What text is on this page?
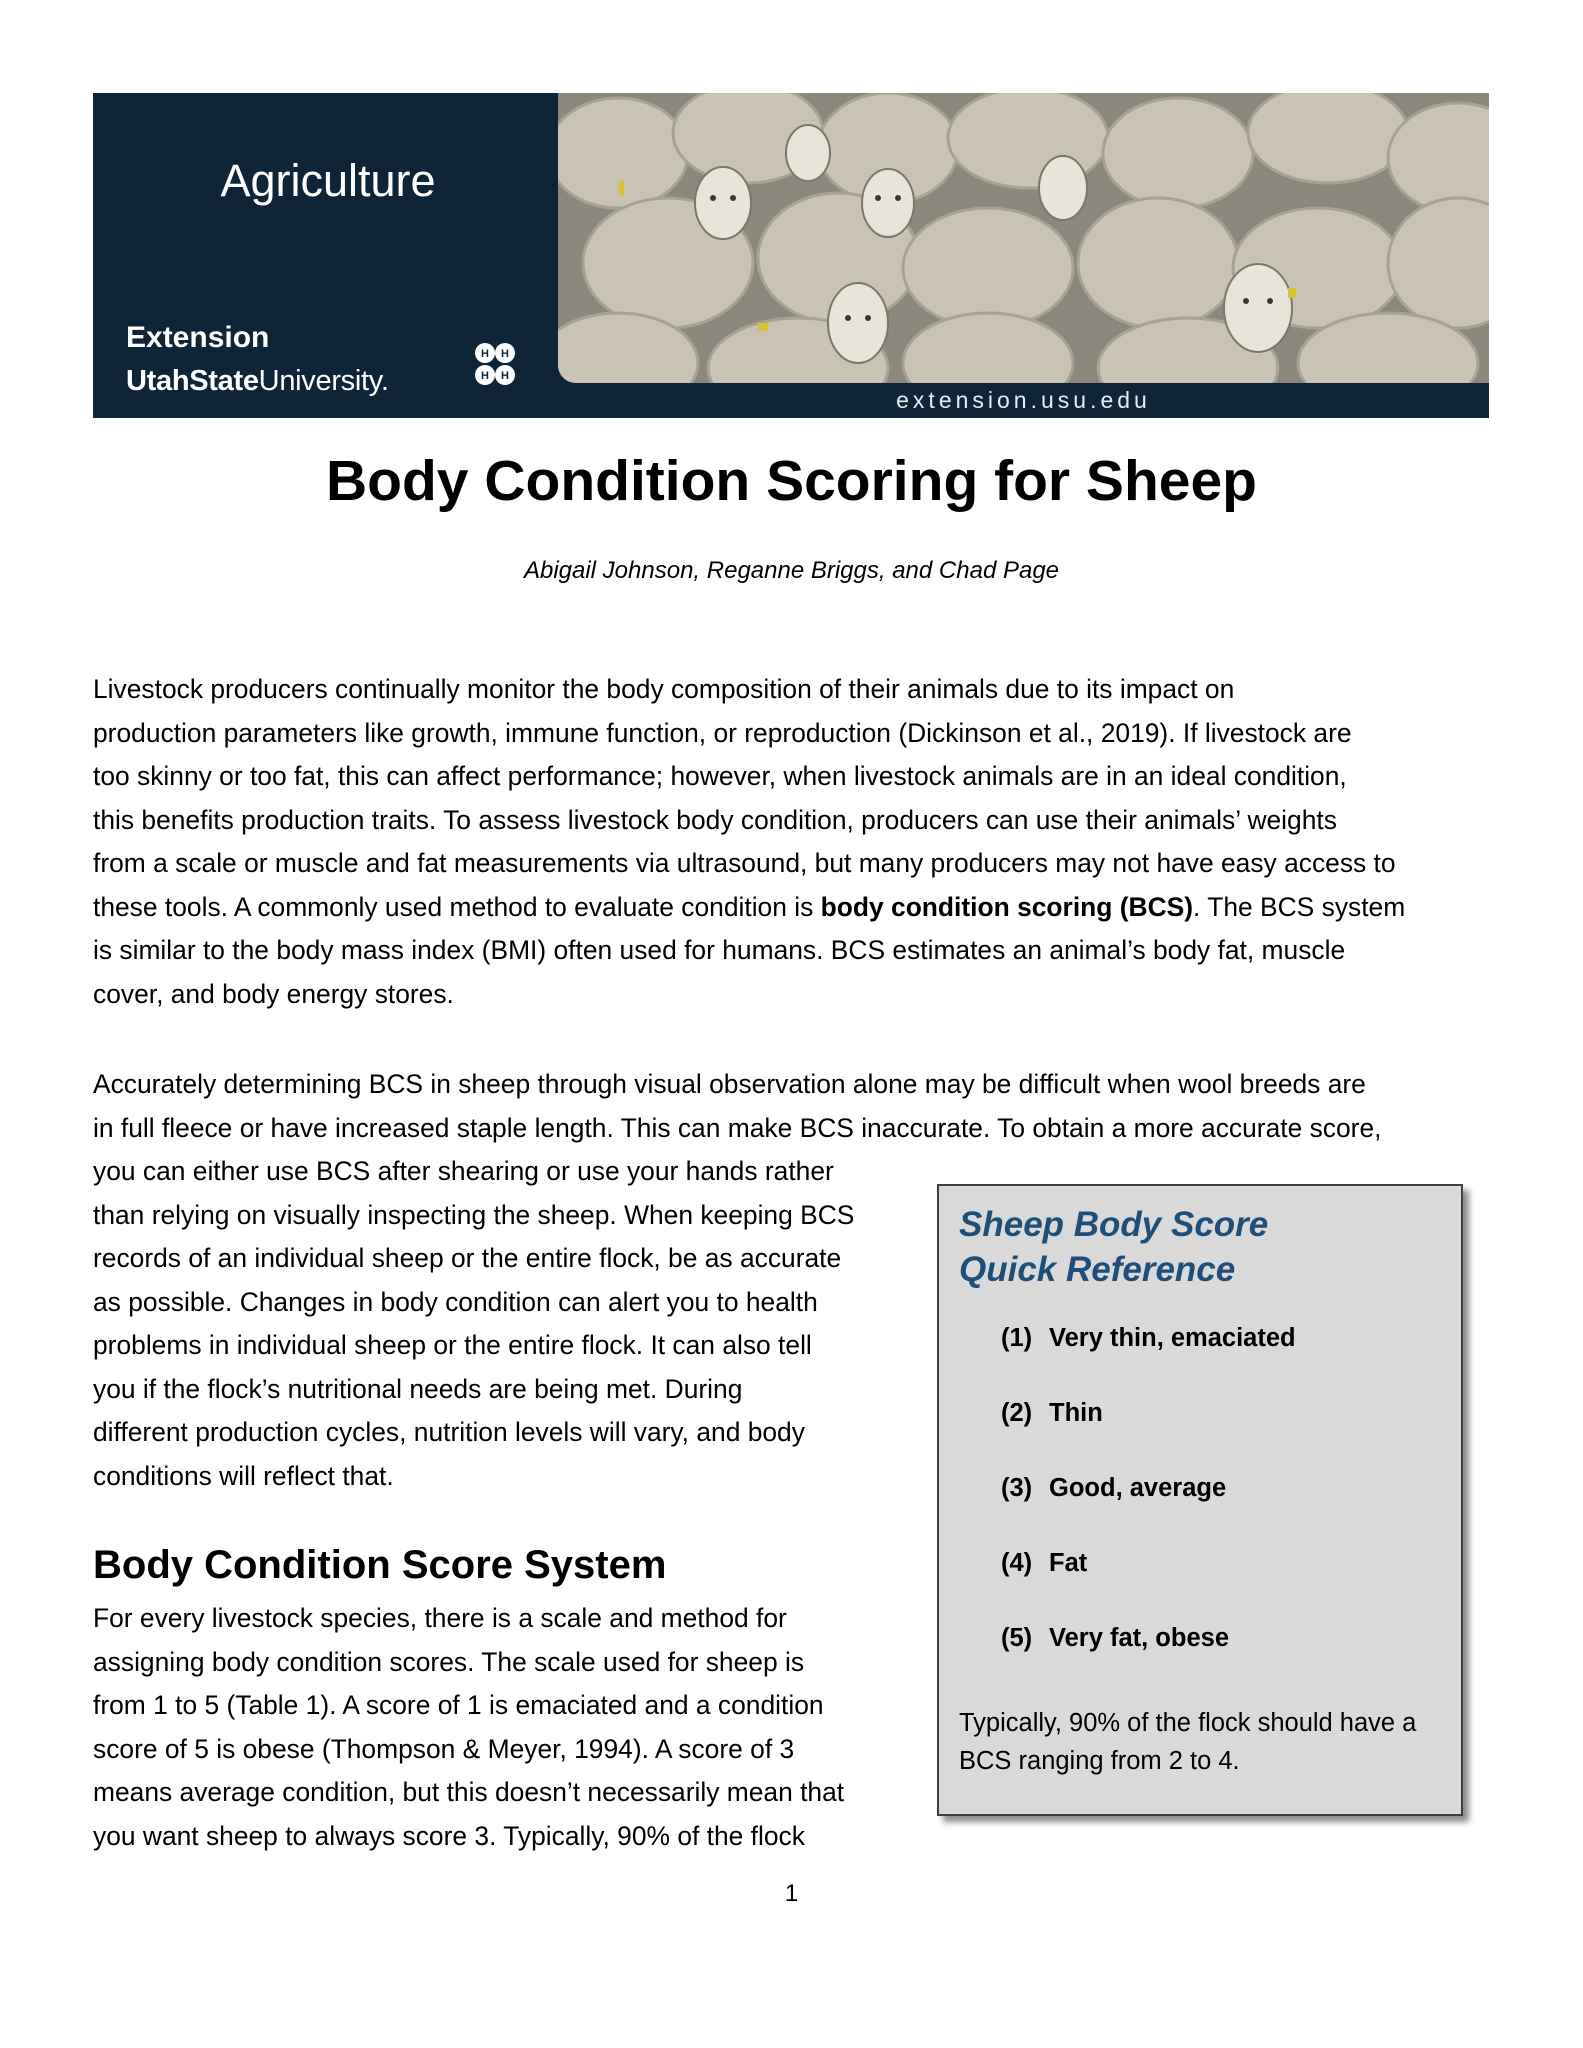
Agriculture
Extension
UtahStateUniversity.
H H
H H
extension.usu.edu
Body Condition Scoring for Sheep
Abigail Johnson, Reganne Briggs, and Chad Page
Livestock producers continually monitor the body composition of their animals due to its impact on
production parameters like growth, immune function, or reproduction (Dickinson et al., 2019). If livestock are
too skinny or too fat, this can affect performance; however, when livestock animals are in an ideal condition,
this benefits production traits. To assess livestock body condition, producers can use their animals’ weights
from a scale or muscle and fat measurements via ultrasound, but many producers may not have easy access to
these tools. A commonly used method to evaluate condition is body condition scoring (BCS). The BCS system
is similar to the body mass index (BMI) often used for humans. BCS estimates an animal’s body fat, muscle
cover, and body energy stores.
Accurately determining BCS in sheep through visual observation alone may be difficult when wool breeds are
in full fleece or have increased staple length. This can make BCS inaccurate. To obtain a more accurate score,
you can either use BCS after shearing or use your hands rather
than relying on visually inspecting the sheep. When keeping BCS
records of an individual sheep or the entire flock, be as accurate
as possible. Changes in body condition can alert you to health
problems in individual sheep or the entire flock. It can also tell
you if the flock’s nutritional needs are being met. During
different production cycles, nutrition levels will vary, and body
conditions will reflect that.
Body Condition Score System
For every livestock species, there is a scale and method for
assigning body condition scores. The scale used for sheep is
from 1 to 5 (Table 1). A score of 1 is emaciated and a condition
score of 5 is obese (Thompson & Meyer, 1994). A score of 3
means average condition, but this doesn’t necessarily mean that
you want sheep to always score 3. Typically, 90% of the flock
Sheep Body Score
Quick Reference
(1) Very thin, emaciated
(2) Thin
(3) Good, average
(4) Fat
(5) Very fat, obese
Typically, 90% of the flock should have a BCS ranging from 2 to 4.
1
